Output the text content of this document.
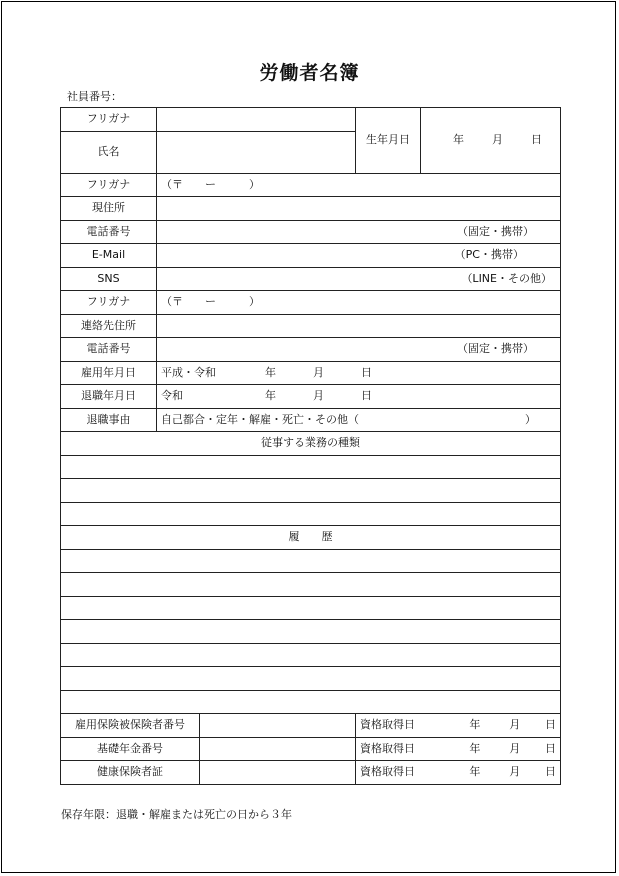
労働者名簿
社員番号：
フリガナ			生年月日	年 月 日

氏名				

フリガナ	（〒　　ー　　　）			
現住所				
電話番号	（固定・携帯）			

E-Mail	（PC・携帯）			

SNS	（LINE・その他）			

フリガナ	（〒　　ー　　　）			
連絡先住所				
電話番号	（固定・携帯）			

雇用年月日	平成・令和 年 月 日			

退職年月日	令和 年 月 日			

退職事由	自己都合・定年・解雇・死亡・その他（ ）			

従事する業務の種類				

履　　歴				

雇用保険被保険者番号			資格取得日 年 月 日	

基礎年金番号			資格取得日 年 月 日	

健康保険者証			資格取得日 年 月 日	
保存年限：退職・解雇または死亡の日から３年
